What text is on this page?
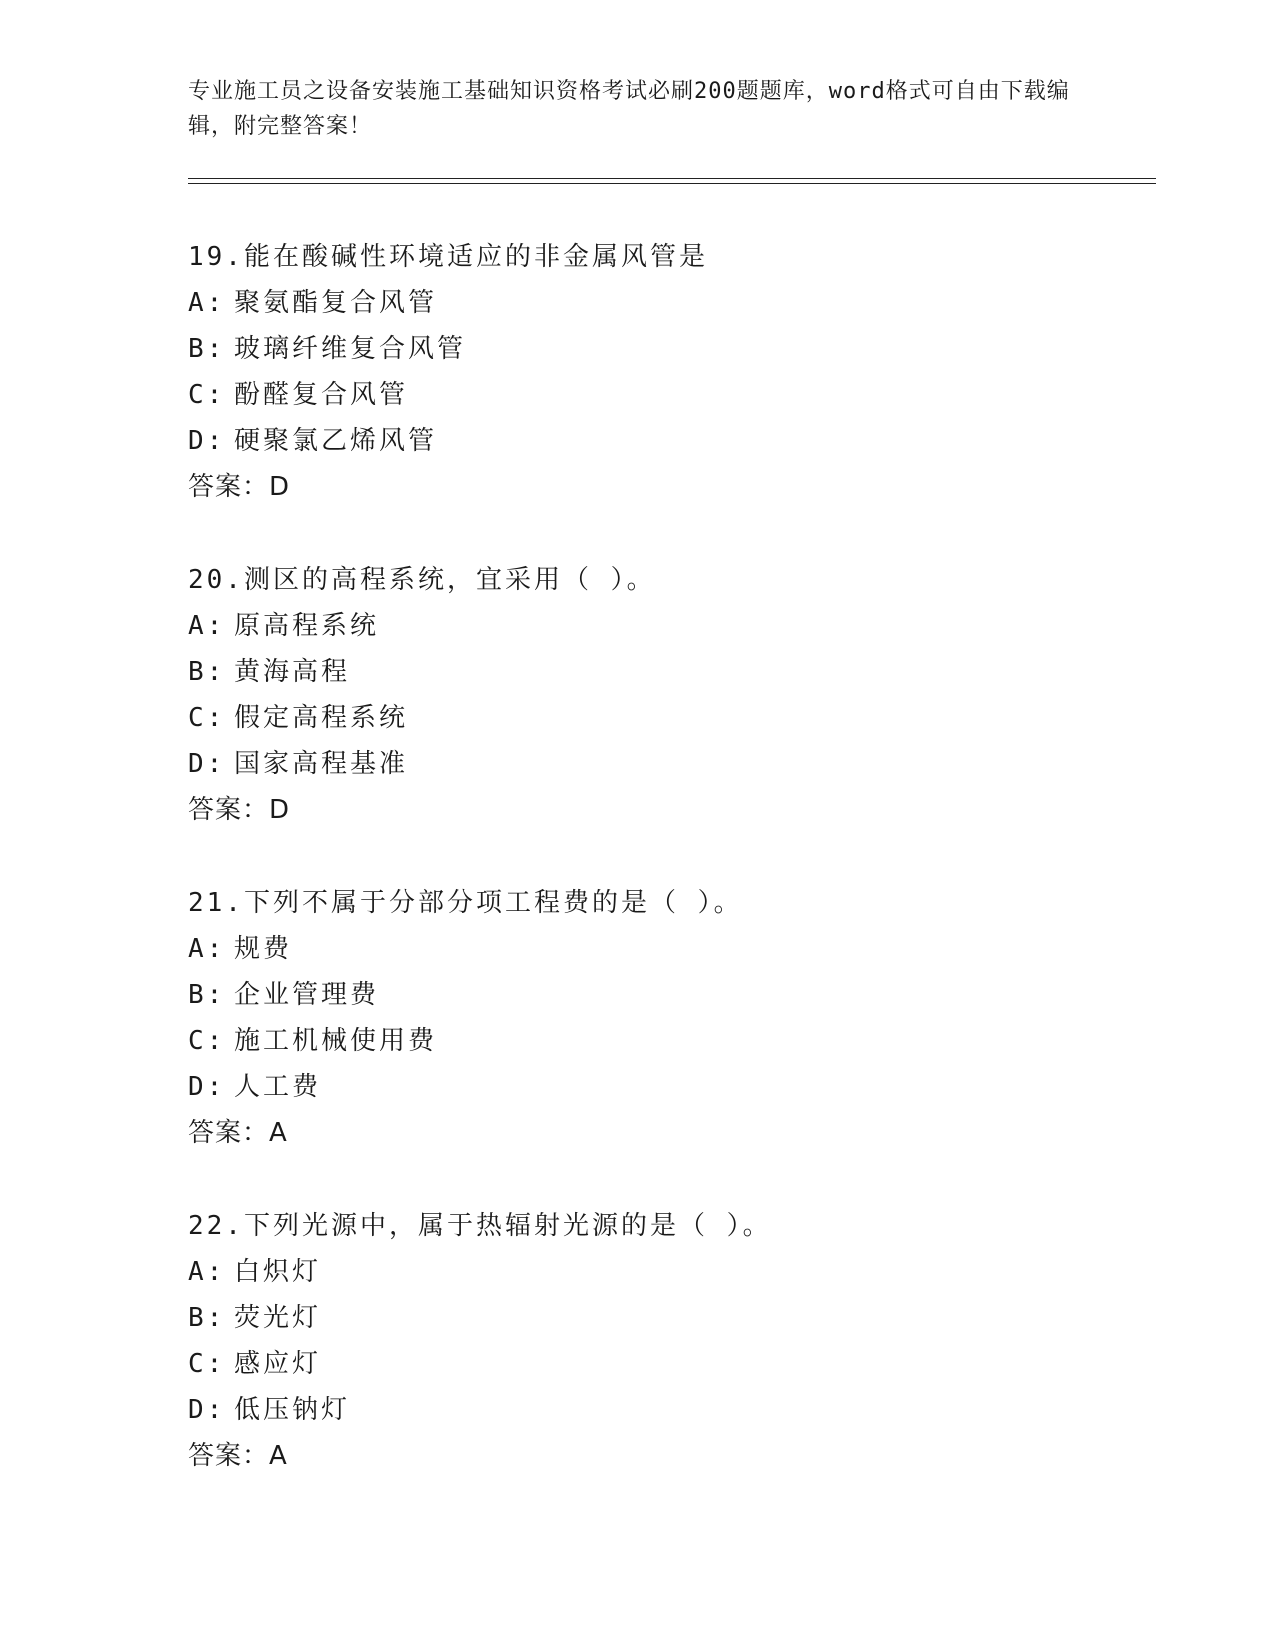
专业施工员之设备安装施工基础知识资格考试必刷200题题库，word格式可自由下载编辑，附完整答案！
19.能在酸碱性环境适应的非金属风管是
A: 聚氨酯复合风管
B: 玻璃纤维复合风管
C: 酚醛复合风管
D: 硬聚氯乙烯风管
答案：D
20.测区的高程系统，宜采用（ ）。
A: 原高程系统
B: 黄海高程
C: 假定高程系统
D: 国家高程基准
答案：D
21.下列不属于分部分项工程费的是（ ）。
A: 规费
B: 企业管理费
C: 施工机械使用费
D: 人工费
答案：A
22.下列光源中，属于热辐射光源的是（ ）。
A: 白炽灯
B: 荧光灯
C: 感应灯
D: 低压钠灯
答案：A
